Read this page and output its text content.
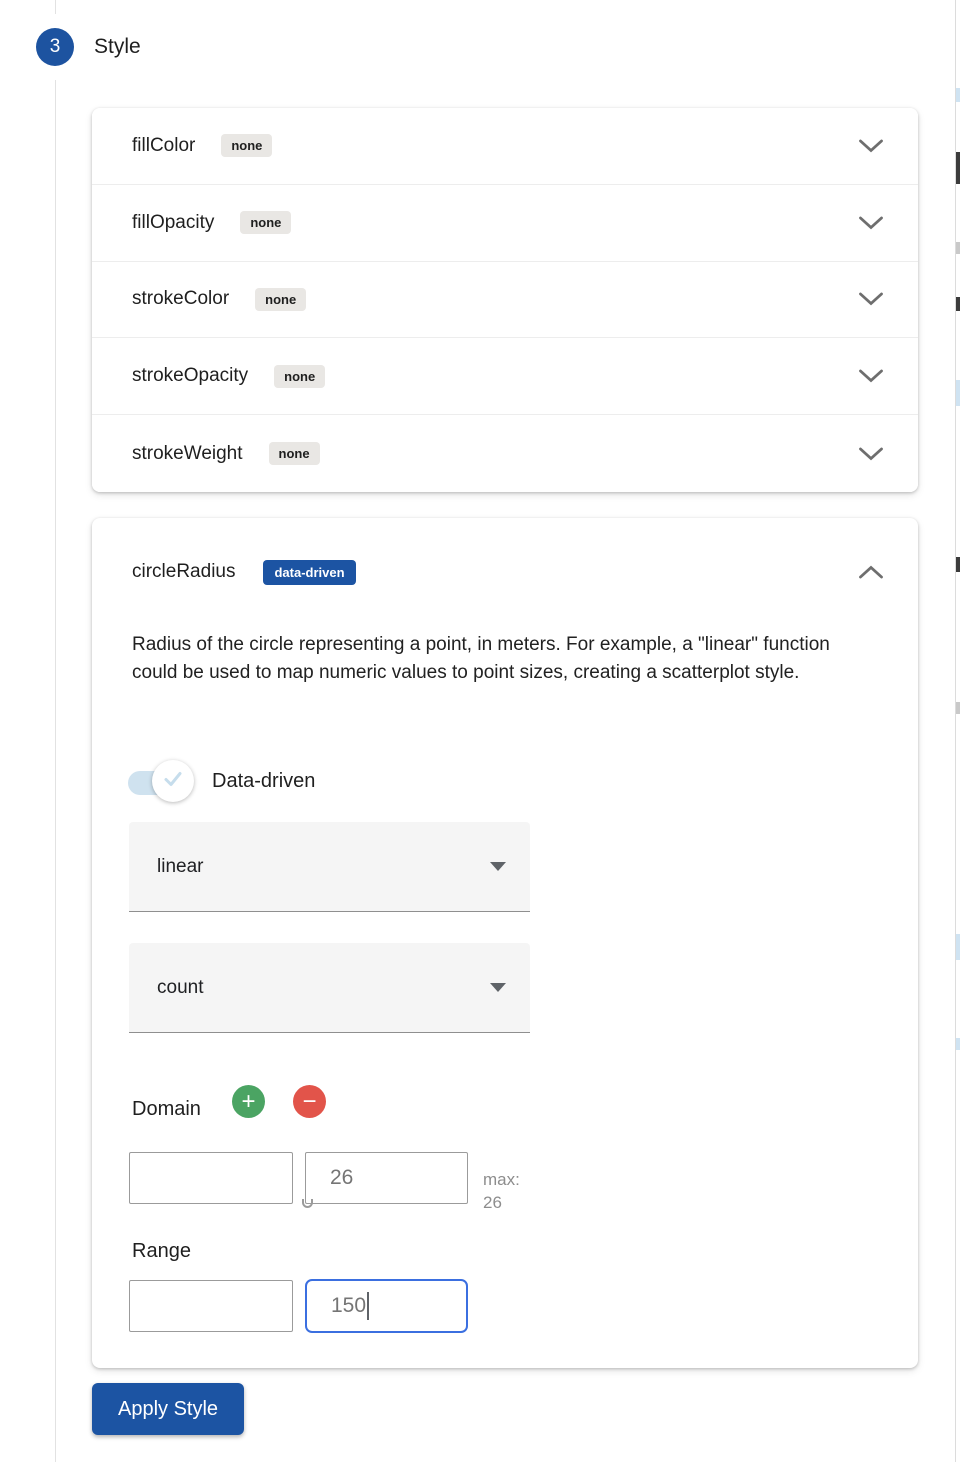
3	Style
fillColor	none
fillOpacity	none
strokeColor	none
strokeOpacity	none
strokeWeight	none
circleRadius	data-driven
Radius of the circle representing a point, in meters. For example, a "linear" function could be used to map numeric values to point sizes, creating a scatterplot style.
Data-driven
linear
count
Domain	+	−
26
max:
26
Range
150
Apply Style
